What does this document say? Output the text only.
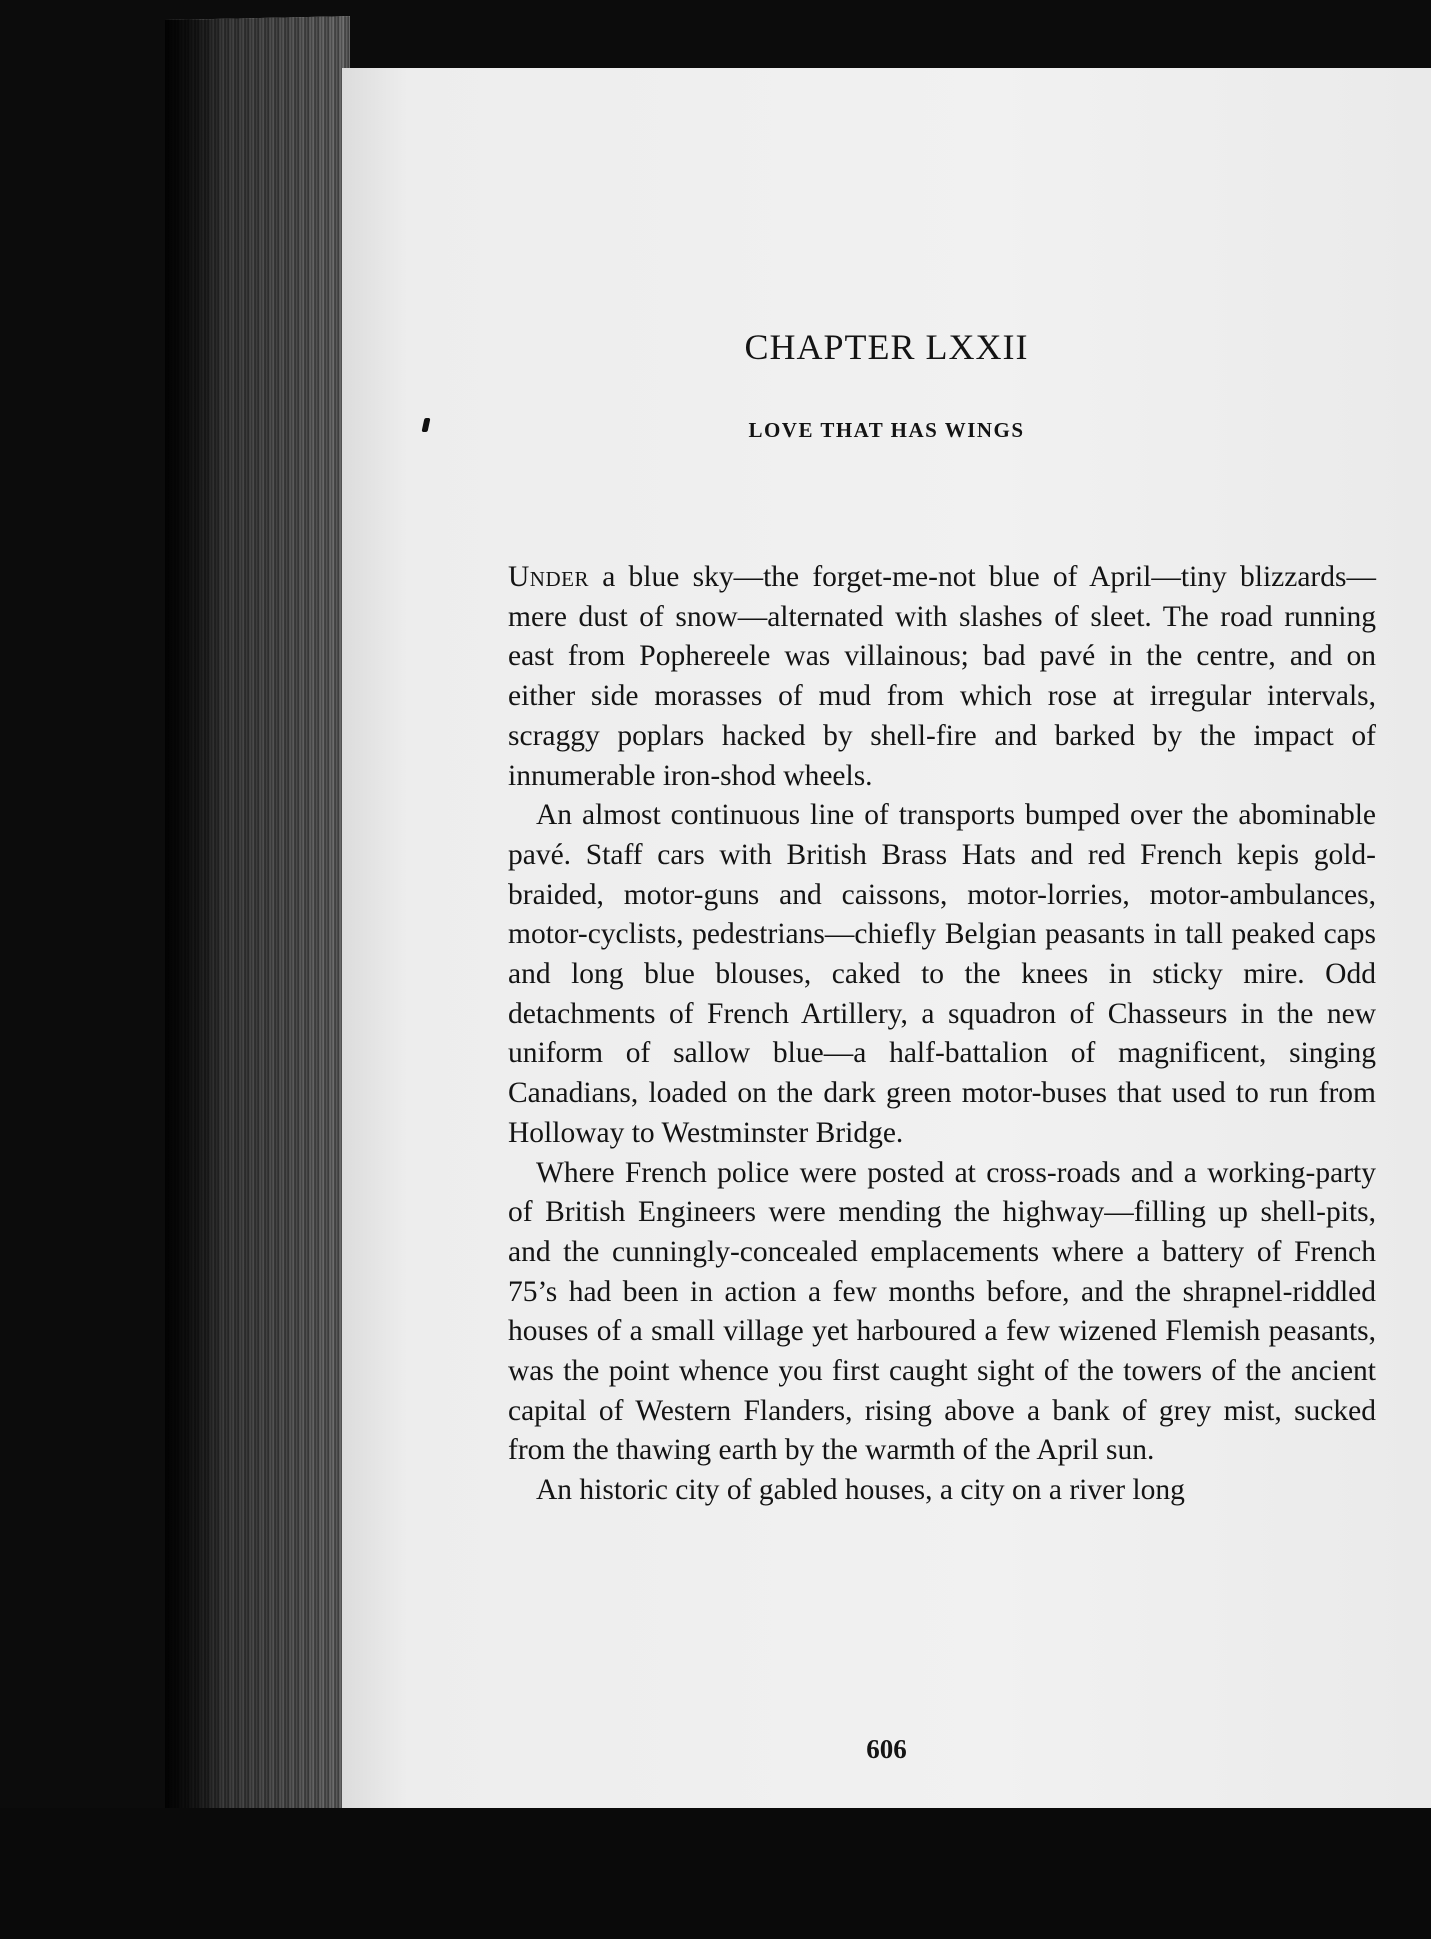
CHAPTER LXXII
LOVE THAT HAS WINGS

Under a blue sky—the forget-me-not blue of April—tiny blizzards—mere dust of snow—alternated with slashes of sleet. The road running east from Pophereele was villainous; bad pavé in the centre, and on either side morasses of mud from which rose at irregular intervals, scraggy poplars hacked by shell-fire and barked by the impact of innumerable iron-shod wheels.

An almost continuous line of transports bumped over the abominable pavé. Staff cars with British Brass Hats and red French kepis gold-braided, motor-guns and caissons, motor-lorries, motor-ambulances, motor-cyclists, pedestrians—chiefly Belgian peasants in tall peaked caps and long blue blouses, caked to the knees in sticky mire. Odd detachments of French Artillery, a squadron of Chasseurs in the new uniform of sallow blue—a half-battalion of magnificent, singing Canadians, loaded on the dark green motor-buses that used to run from Holloway to Westminster Bridge.

Where French police were posted at cross-roads and a working-party of British Engineers were mending the highway—filling up shell-pits, and the cunningly-concealed emplacements where a battery of French 75’s had been in action a few months before, and the shrapnel-riddled houses of a small village yet harboured a few wizened Flemish peasants, was the point whence you first caught sight of the towers of the ancient capital of Western Flanders, rising above a bank of grey mist, sucked from the thawing earth by the warmth of the April sun.

An historic city of gabled houses, a city on a river long

606
